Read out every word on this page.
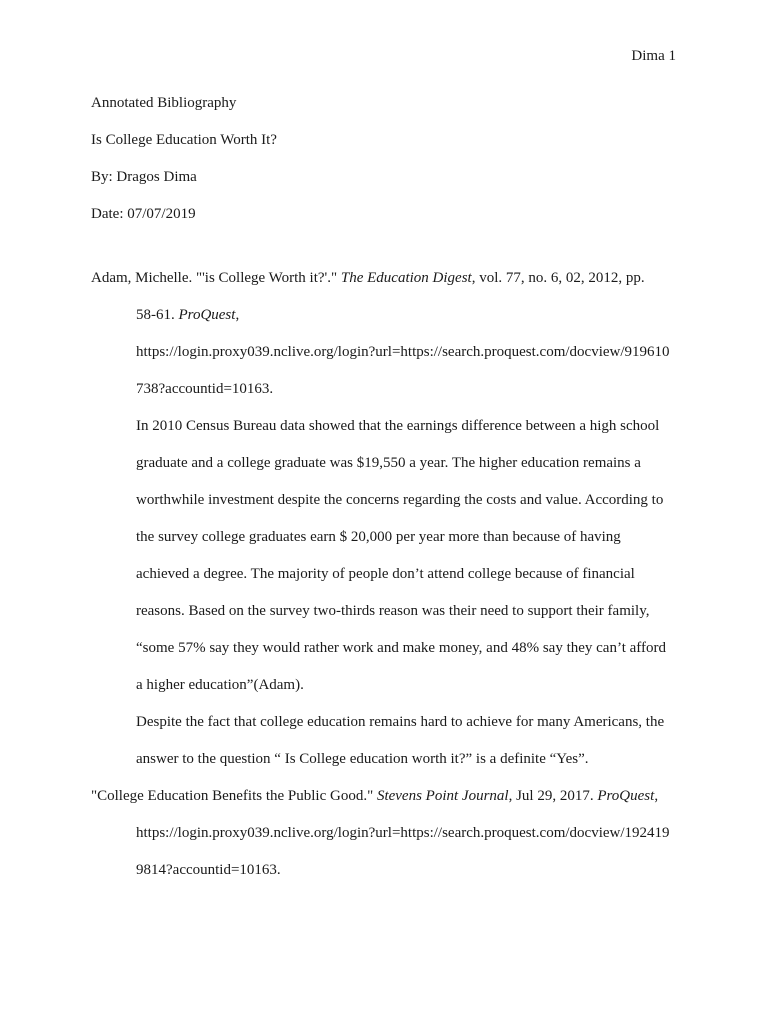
Dima 1
Annotated Bibliography
Is College Education Worth It?
By: Dragos Dima
Date: 07/07/2019
Adam, Michelle. "'is College Worth it?'." The Education Digest, vol. 77, no. 6, 02, 2012, pp.
58-61. ProQuest,
https://login.proxy039.nclive.org/login?url=https://search.proquest.com/docview/919610
738?accountid=10163.
In 2010 Census Bureau data showed that the earnings difference between a high school
graduate and a college graduate was $19,550 a year. The higher education remains a
worthwhile investment despite the concerns regarding the costs and value. According to
the survey college graduates earn $ 20,000 per year more than because of having
achieved a degree. The majority of people don’t attend college because of financial
reasons. Based on the survey two-thirds reason was their need to support their family,
“some 57% say they would rather work and make money, and 48% say they can’t afford
a higher education”(Adam).
Despite the fact that college education remains hard to achieve for many Americans, the
answer to the question “ Is College education worth it?” is a definite “Yes”.
"College Education Benefits the Public Good." Stevens Point Journal, Jul 29, 2017. ProQuest,
https://login.proxy039.nclive.org/login?url=https://search.proquest.com/docview/192419
9814?accountid=10163.
